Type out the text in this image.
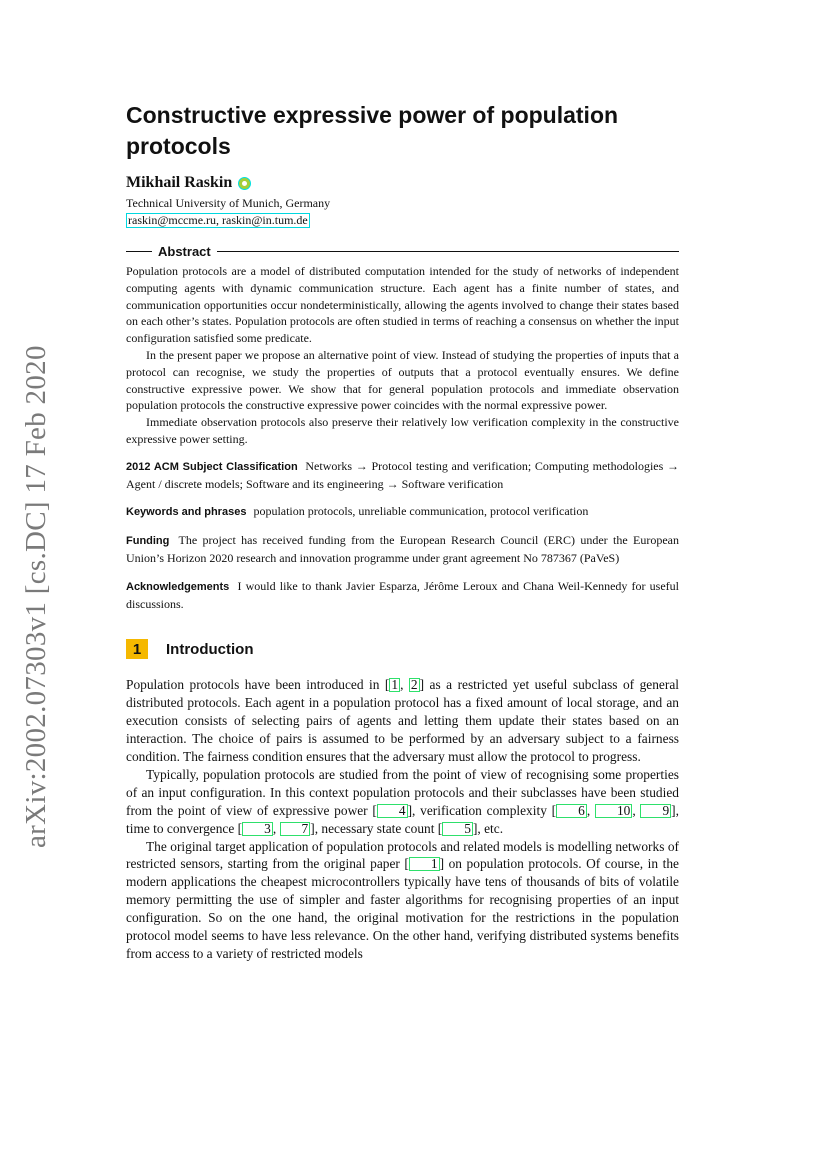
arXiv:2002.07303v1 [cs.DC] 17 Feb 2020
Constructive expressive power of population protocols
Mikhail Raskin
Technical University of Munich, Germany
raskin@mccme.ru, raskin@in.tum.de
Abstract

Population protocols are a model of distributed computation intended for the study of networks of independent computing agents with dynamic communication structure. Each agent has a finite number of states, and communication opportunities occur nondeterministically, allowing the agents involved to change their states based on each other’s states. Population protocols are often studied in terms of reaching a consensus on whether the input configuration satisfied some predicate.

In the present paper we propose an alternative point of view. Instead of studying the properties of inputs that a protocol can recognise, we study the properties of outputs that a protocol eventually ensures. We define constructive expressive power. We show that for general population protocols and immediate observation population protocols the constructive expressive power coincides with the normal expressive power.

Immediate observation protocols also preserve their relatively low verification complexity in the constructive expressive power setting.

2012 ACM Subject Classification Networks → Protocol testing and verification; Computing methodologies → Agent / discrete models; Software and its engineering → Software verification

Keywords and phrases population protocols, unreliable communication, protocol verification

Funding The project has received funding from the European Research Council (ERC) under the European Union’s Horizon 2020 research and innovation programme under grant agreement No 787367 (PaVeS)

Acknowledgements I would like to thank Javier Esparza, Jérôme Leroux and Chana Weil-Kennedy for useful discussions.

1	Introduction

Population protocols have been introduced in [ 1 , 2 ] as a restricted yet useful subclass of general distributed protocols. Each agent in a population protocol has a fixed amount of local storage, and an execution consists of selecting pairs of agents and letting them update their states based on an interaction. The choice of pairs is assumed to be performed by an adversary subject to a fairness condition. The fairness condition ensures that the adversary must allow the protocol to progress.

Typically, population protocols are studied from the point of view of recognising some properties of an input configuration. In this context population protocols and their subclasses have been studied from the point of view of expressive power [ 4 ], verification complexity [ 6 , 10 , 9 ], time to convergence [ 3 , 7 ], necessary state count [ 5 ], etc.

The original target application of population protocols and related models is modelling networks of restricted sensors, starting from the original paper [ 1 ] on population protocols. Of course, in the modern applications the cheapest microcontrollers typically have tens of thousands of bits of volatile memory permitting the use of simpler and faster algorithms for recognising properties of an input configuration. So on the one hand, the original motivation for the restrictions in the population protocol model seems to have less relevance. On the other hand, verifying distributed systems benefits from access to a variety of restricted models
